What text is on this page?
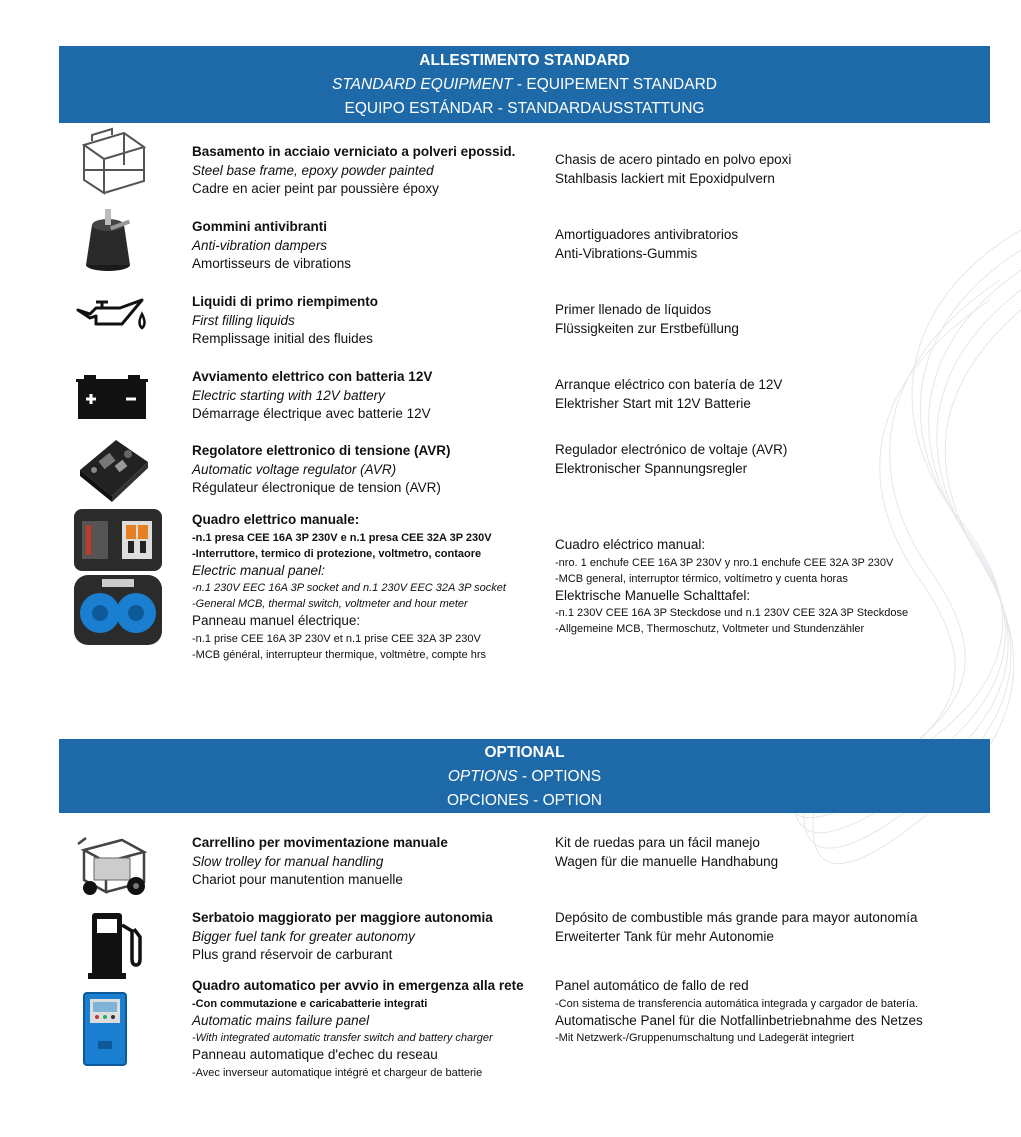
ALLESTIMENTO STANDARD
STANDARD EQUIPMENT - EQUIPEMENT STANDARD
EQUIPO ESTÁNDAR - STANDARDAUSSTATTUNG
Basamento in acciaio verniciato a polveri epossid.
Steel base frame, epoxy powder painted
Cadre en acier peint par poussière époxy
Chasis de acero pintado en polvo epoxi
Stahlbasis lackiert mit Epoxidpulvern
Gommini antivibranti
Anti-vibration dampers
Amortisseurs de vibrations
Amortiguadores antivibratorios
Anti-Vibrations-Gummis
Liquidi di primo riempimento
First filling liquids
Remplissage initial des fluides
Primer llenado de líquidos
Flüssigkeiten zur Erstbefüllung
Avviamento elettrico con batteria 12V
Electric starting with 12V battery
Démarrage électrique avec batterie 12V
Arranque eléctrico con batería de 12V
Elektrisher Start mit 12V Batterie
Regolatore elettronico di tensione (AVR)
Automatic voltage regulator (AVR)
Régulateur électronique de tension (AVR)
Regulador electrónico de voltaje (AVR)
Elektronischer Spannungsregler
Quadro elettrico manuale:
-n.1 presa CEE 16A 3P 230V e n.1 presa CEE 32A 3P 230V
-Interruttore, termico di protezione, voltmetro, contaore
Electric manual panel:
-n.1 230V EEC 16A 3P socket and n.1 230V EEC 32A 3P socket
-General MCB, thermal switch, voltmeter and hour meter
Panneau manuel électrique:
-n.1 prise CEE 16A 3P 230V et n.1 prise CEE 32A 3P 230V
-MCB général, interrupteur thermique, voltmètre, compte hrs
Cuadro eléctrico manual:
-nro. 1 enchufe CEE 16A 3P 230V y nro.1 enchufe CEE 32A 3P 230V
-MCB general, interruptor térmico, voltímetro y cuenta horas
Elektrische Manuelle Schalttafel:
-n.1 230V CEE 16A 3P Steckdose und n.1 230V CEE 32A 3P Steckdose
-Allgemeine MCB, Thermoschutz, Voltmeter und Stundenzähler
OPTIONAL
OPTIONS - OPTIONS
OPCIONES - OPTION
Carrellino per movimentazione manuale
Slow trolley for manual handling
Chariot pour manutention manuelle
Kit de ruedas para un fácil manejo
Wagen für die manuelle Handhabung
Serbatoio maggiorato per maggiore autonomia
Bigger fuel tank for greater autonomy
Plus grand réservoir de carburant
Depósito de combustible más grande para mayor autonomía
Erweiterter Tank für mehr Autonomie
Quadro automatico per avvio in emergenza alla rete
-Con commutazione e caricabatterie integrati
Automatic mains failure panel
-With integrated automatic transfer switch and battery charger
Panneau automatique d'echec du reseau
-Avec inverseur automatique intégré et chargeur de batterie
Panel automático de fallo de red
-Con sistema de transferencia automática integrada y cargador de batería.
Automatische Panel für die Notfallinbetriebnahme des Netzes
-Mit Netzwerk-/Gruppenumschaltung und Ladegerät integriert
